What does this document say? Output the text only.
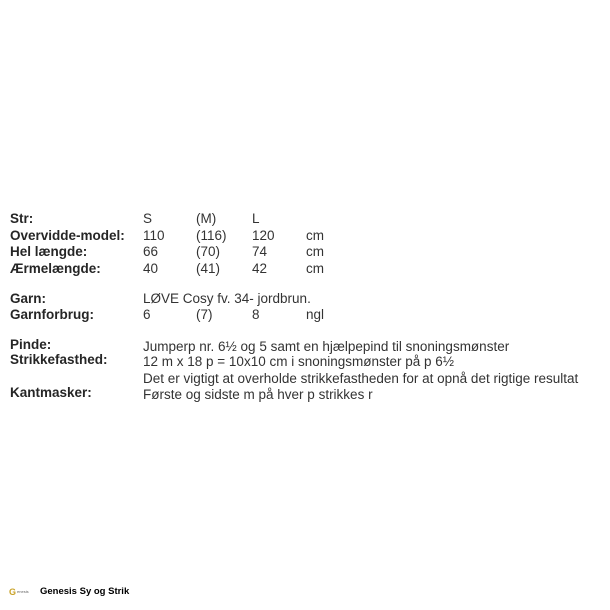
Str:	S	(M)	L
Overvidde-model: 110 (116) 120 cm
Hel længde:	66	(70) 74	cm
Ærmelængde:	40	(41) 42	cm
Garn:	LØVE Cosy fv. 34- jordbrun.
Garnforbrug:	6	(7)	8	ngl
Pinde:	Jumperp nr. 6½ og 5 samt en hjælpepind til snoningsmønster
Strikkefasthed:	12 m x 18 p = 10x10 cm i snoningsmønster på p 6½
Det er vigtigt at overholde strikkefastheden for at opnå det rigtige resultat
Kantmasker:	Første og sidste m på hver p strikkes r
G enesis Genesis Sy og Strik
